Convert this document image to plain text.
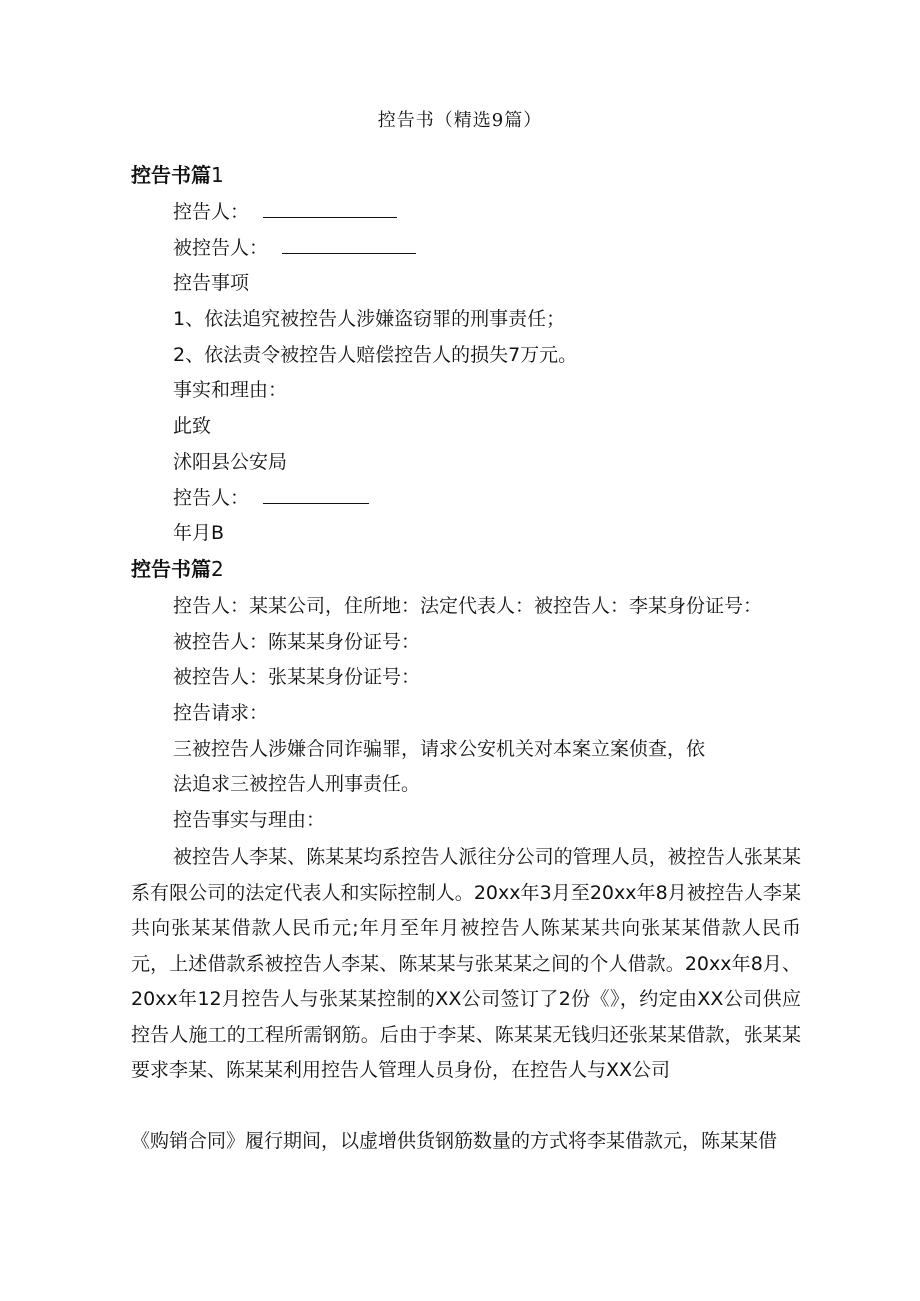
控告书（精选9篇）
控告书篇1
控告人：
被控告人：
控告事项
1、依法追究被控告人涉嫌盗窃罪的刑事责任；
2、依法责令被控告人赔偿控告人的损失7万元。
事实和理由：
此致
沭阳县公安局
控告人：
年月B
控告书篇2
控告人：某某公司，住所地：法定代表人：被控告人：李某身份证号：
被控告人：陈某某身份证号：
被控告人：张某某身份证号：
控告请求：
三被控告人涉嫌合同诈骗罪，请求公安机关对本案立案侦查，依
法追求三被控告人刑事责任。
控告事实与理由：
被控告人李某、陈某某均系控告人派往分公司的管理人员，被控告人张某某系有限公司的法定代表人和实际控制人。20xx年3月至20xx年8月被控告人李某共向张某某借款人民币元;年月至年月被控告人陈某某共向张某某借款人民币元，上述借款系被控告人李某、陈某某与张某某之间的个人借款。20xx年8月、20xx年12月控告人与张某某控制的XX公司签订了2份《》，约定由XX公司供应控告人施工的工程所需钢筋。后由于李某、陈某某无钱归还张某某借款，张某某要求李某、陈某某利用控告人管理人员身份，在控告人与XX公司
《购销合同》履行期间，以虚增供货钢筋数量的方式将李某借款元，陈某某借
